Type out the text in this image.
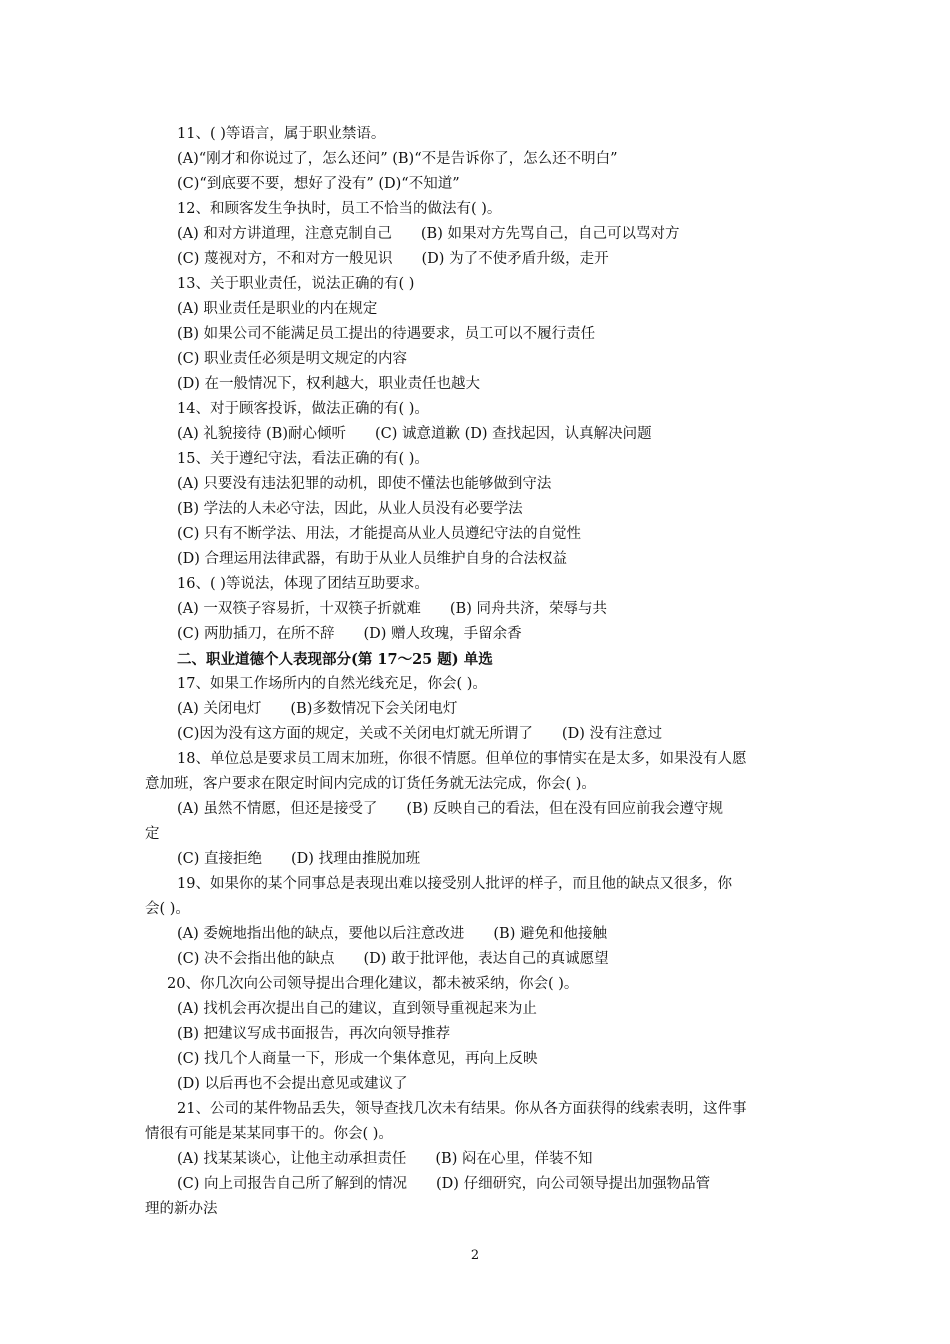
11、( )等语言，属于职业禁语。
(A)“刚才和你说过了，怎么还问” (B)“不是告诉你了，怎么还不明白”
(C)“到底要不要，想好了没有” (D)“不知道”
12、和顾客发生争执时，员工不恰当的做法有( )。
(A) 和对方讲道理，注意克制自己　　(B) 如果对方先骂自己，自己可以骂对方
(C) 蔑视对方，不和对方一般见识　　(D) 为了不使矛盾升级，走开
13、关于职业责任，说法正确的有( )
(A) 职业责任是职业的内在规定
(B) 如果公司不能满足员工提出的待遇要求，员工可以不履行责任
(C) 职业责任必须是明文规定的内容
(D) 在一般情况下，权利越大，职业责任也越大
14、对于顾客投诉，做法正确的有( )。
(A) 礼貌接待 (B)耐心倾听　　(C) 诚意道歉 (D) 查找起因，认真解决问题
15、关于遵纪守法，看法正确的有( )。
(A) 只要没有违法犯罪的动机，即使不懂法也能够做到守法
(B) 学法的人未必守法，因此，从业人员没有必要学法
(C) 只有不断学法、用法，才能提高从业人员遵纪守法的自觉性
(D) 合理运用法律武器，有助于从业人员维护自身的合法权益
16、( )等说法，体现了团结互助要求。
(A) 一双筷子容易折，十双筷子折就难　　(B) 同舟共济，荣辱与共
(C) 两肋插刀，在所不辞　　(D) 赠人玫瑰，手留余香
二、职业道德个人表现部分(第 17～25 题) 单选
17、如果工作场所内的自然光线充足，你会( )。
(A) 关闭电灯　　(B)多数情况下会关闭电灯
(C)因为没有这方面的规定，关或不关闭电灯就无所谓了　　(D) 没有注意过
18、单位总是要求员工周末加班，你很不情愿。但单位的事情实在是太多，如果没有人愿
意加班，客户要求在限定时间内完成的订货任务就无法完成，你会( )。
(A) 虽然不情愿，但还是接受了　　(B) 反映自己的看法，但在没有回应前我会遵守规
定
(C) 直接拒绝　　(D) 找理由推脱加班
19、如果你的某个同事总是表现出难以接受别人批评的样子，而且他的缺点又很多，你
会( )。
(A) 委婉地指出他的缺点，要他以后注意改进　　(B) 避免和他接触
(C) 决不会指出他的缺点　　(D) 敢于批评他，表达自己的真诚愿望
20、你几次向公司领导提出合理化建议，都未被采纳，你会( )。
(A) 找机会再次提出自己的建议，直到领导重视起来为止
(B) 把建议写成书面报告，再次向领导推荐
(C) 找几个人商量一下，形成一个集体意见，再向上反映
(D) 以后再也不会提出意见或建议了
21、公司的某件物品丢失，领导查找几次未有结果。你从各方面获得的线索表明，这件事
情很有可能是某某同事干的。你会( )。
(A) 找某某谈心，让他主动承担责任　　(B) 闷在心里，佯装不知
(C) 向上司报告自己所了解到的情况　　(D) 仔细研究，向公司领导提出加强物品管
理的新办法
2
